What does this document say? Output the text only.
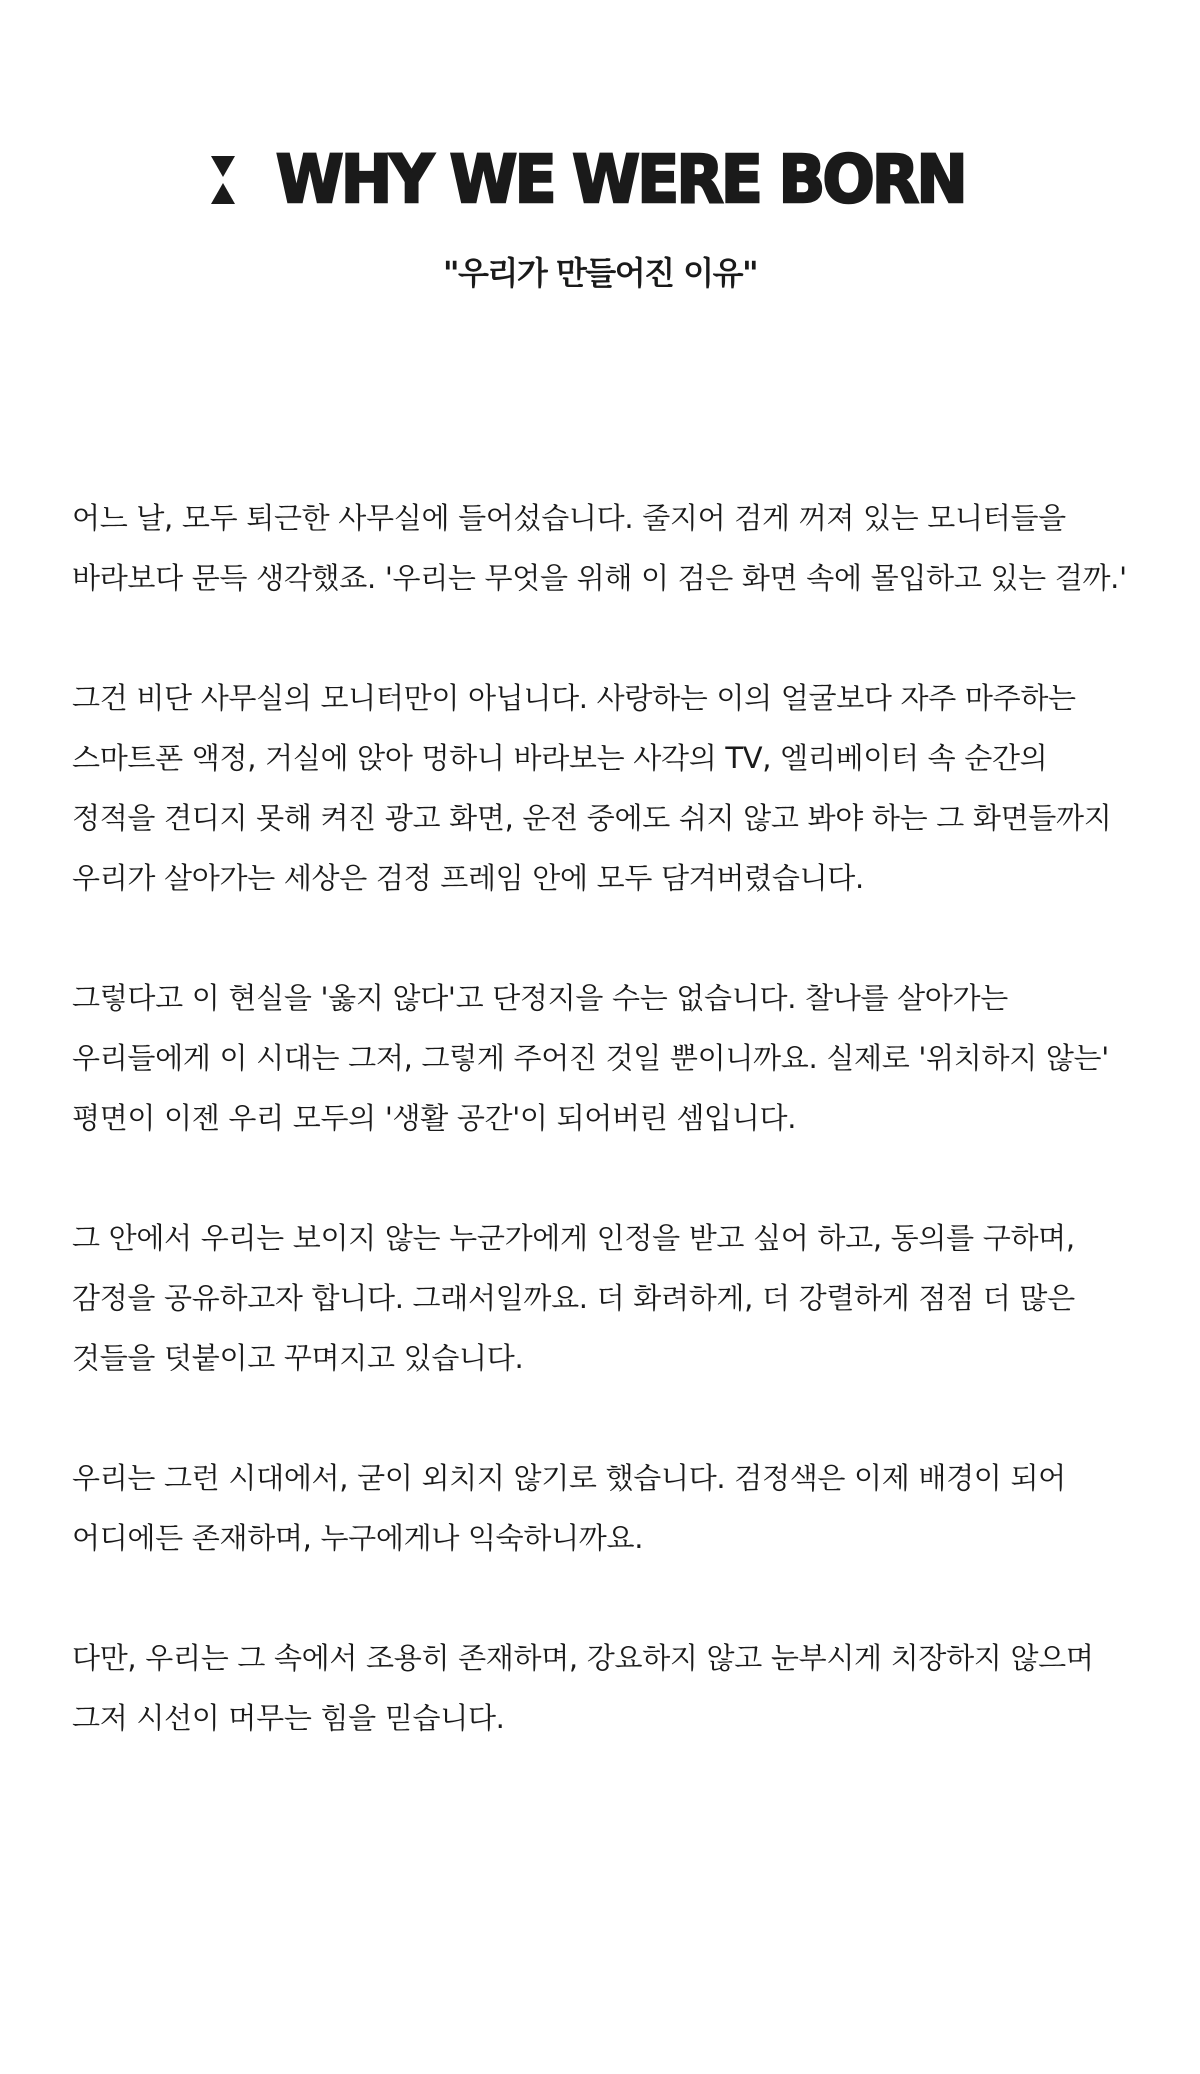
WHY WE WERE BORN
"우리가 만들어진 이유"

어느 날, 모두 퇴근한 사무실에 들어섰습니다. 줄지어 검게 꺼져 있는 모니터들을 바라보다 문득 생각했죠. '우리는 무엇을 위해 이 검은 화면 속에 몰입하고 있는 걸까.'

그건 비단 사무실의 모니터만이 아닙니다. 사랑하는 이의 얼굴보다 자주 마주하는 스마트폰 액정, 거실에 앉아 멍하니 바라보는 사각의 TV, 엘리베이터 속 순간의 정적을 견디지 못해 켜진 광고 화면, 운전 중에도 쉬지 않고 봐야 하는 그 화면들까지 우리가 살아가는 세상은 검정 프레임 안에 모두 담겨버렸습니다.

그렇다고 이 현실을 '옳지 않다'고 단정지을 수는 없습니다. 찰나를 살아가는 우리들에게 이 시대는 그저, 그렇게 주어진 것일 뿐이니까요. 실제로 '위치하지 않는' 평면이 이젠 우리 모두의 '생활 공간'이 되어버린 셈입니다.

그 안에서 우리는 보이지 않는 누군가에게 인정을 받고 싶어 하고, 동의를 구하며, 감정을 공유하고자 합니다. 그래서일까요. 더 화려하게, 더 강렬하게 점점 더 많은 것들을 덧붙이고 꾸며지고 있습니다.

우리는 그런 시대에서, 굳이 외치지 않기로 했습니다. 검정색은 이제 배경이 되어 어디에든 존재하며, 누구에게나 익숙하니까요.

다만, 우리는 그 속에서 조용히 존재하며, 강요하지 않고 눈부시게 치장하지 않으며 그저 시선이 머무는 힘을 믿습니다.
